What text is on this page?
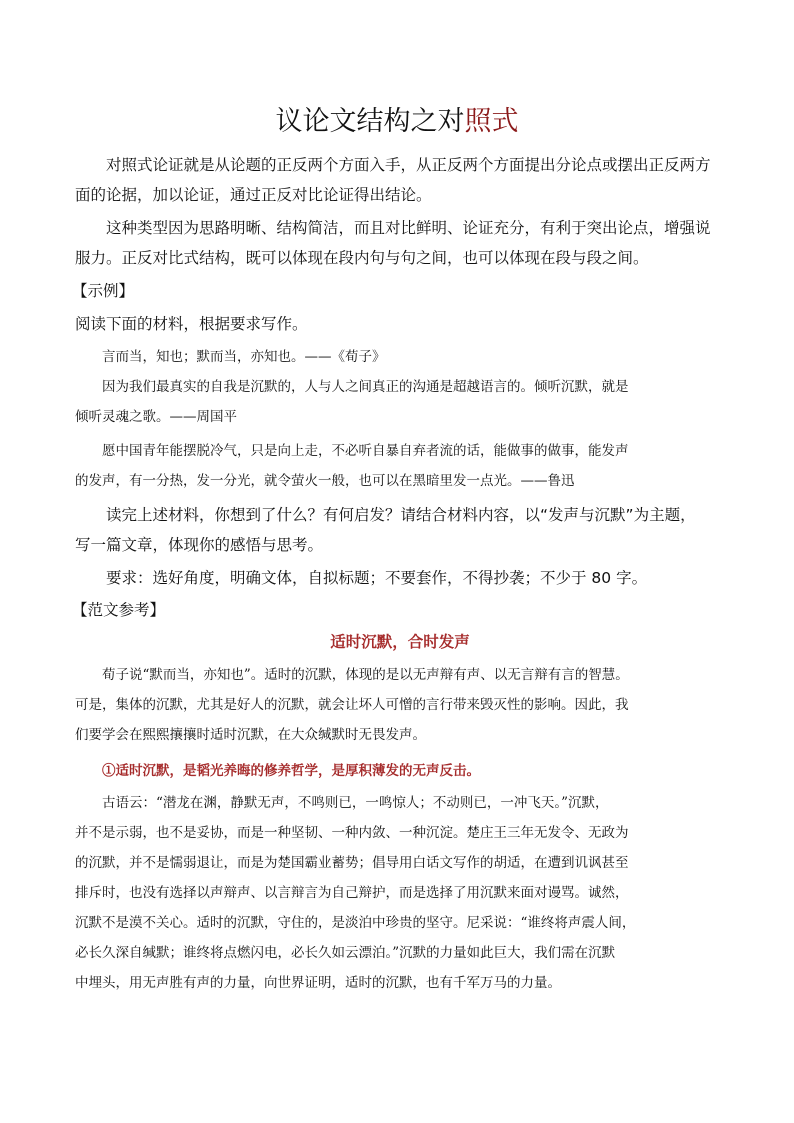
议论文结构之对照式
对照式论证就是从论题的正反两个方面入手，从正反两个方面提出分论点或摆出正反两方
面的论据，加以论证，通过正反对比论证得出结论。
这种类型因为思路明晰、结构简洁，而且对比鲜明、论证充分，有利于突出论点，增强说
服力。正反对比式结构，既可以体现在段内句与句之间，也可以体现在段与段之间。
【示例】
阅读下面的材料，根据要求写作。
言而当，知也；默而当，亦知也。——《荀子》
因为我们最真实的自我是沉默的，人与人之间真正的沟通是超越语言的。倾听沉默，就是
倾听灵魂之歌。——周国平
愿中国青年能摆脱冷气，只是向上走，不必听自暴自弃者流的话，能做事的做事，能发声
的发声，有一分热，发一分光，就令萤火一般，也可以在黑暗里发一点光。——鲁迅
读完上述材料，你想到了什么？有何启发？请结合材料内容，以“发声与沉默”为主题，
写一篇文章，体现你的感悟与思考。
要求：选好角度，明确文体，自拟标题；不要套作，不得抄袭；不少于 80 字。
【范文参考】
适时沉默，合时发声
荀子说“默而当，亦知也”。适时的沉默，体现的是以无声辩有声、以无言辩有言的智慧。
可是，集体的沉默，尤其是好人的沉默，就会让坏人可憎的言行带来毁灭性的影响。因此，我
们要学会在熙熙攘攘时适时沉默，在大众缄默时无畏发声。
①适时沉默，是韬光养晦的修养哲学，是厚积薄发的无声反击。
古语云：“潜龙在渊，静默无声，不鸣则已，一鸣惊人；不动则已，一冲飞天。”沉默，
并不是示弱，也不是妥协，而是一种坚韧、一种内敛、一种沉淀。楚庄王三年无发令、无政为
的沉默，并不是懦弱退让，而是为楚国霸业蓄势；倡导用白话文写作的胡适，在遭到讥讽甚至
排斥时，也没有选择以声辩声、以言辩言为自己辩护，而是选择了用沉默来面对谩骂。诚然，
沉默不是漠不关心。适时的沉默，守住的，是淡泊中珍贵的坚守。尼采说：“谁终将声震人间，
必长久深自缄默；谁终将点燃闪电，必长久如云漂泊。”沉默的力量如此巨大，我们需在沉默
中埋头，用无声胜有声的力量，向世界证明，适时的沉默，也有千军万马的力量。
